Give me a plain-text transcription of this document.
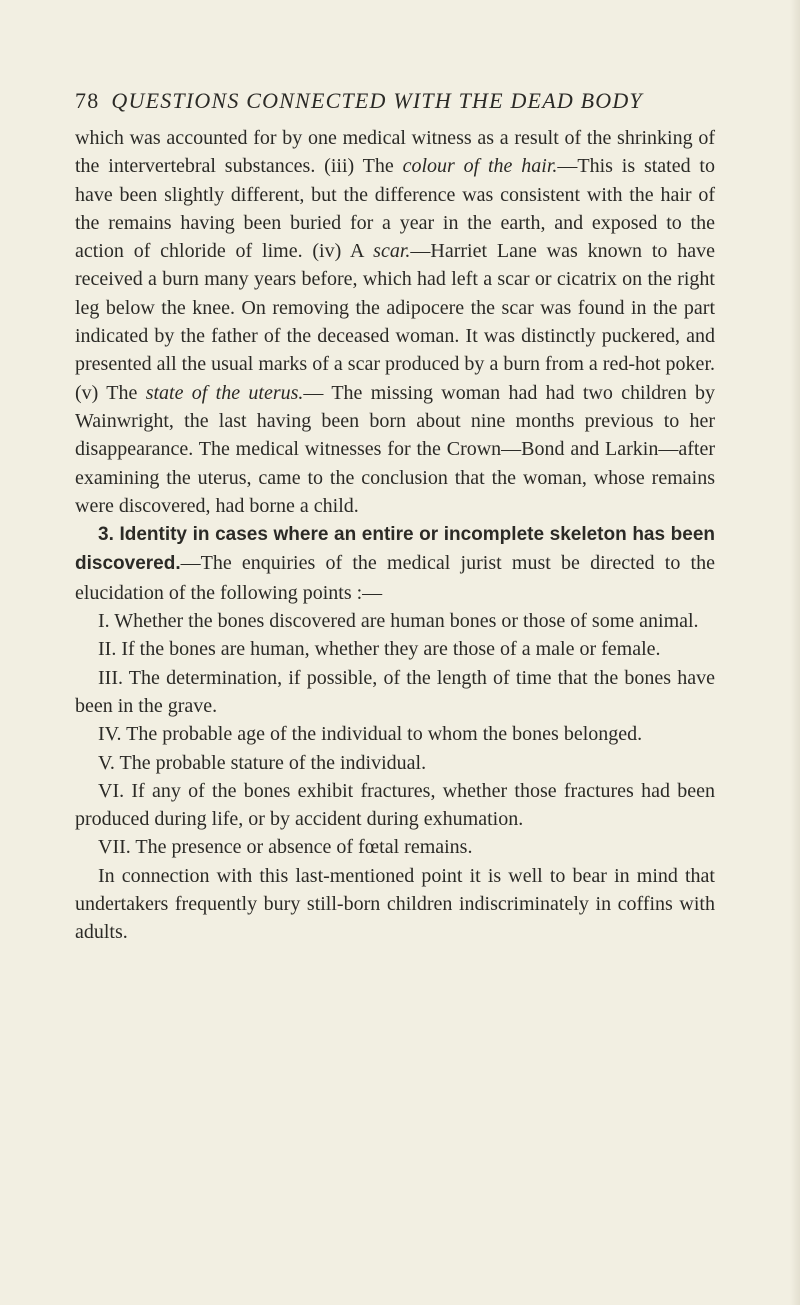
78 QUESTIONS CONNECTED WITH THE DEAD BODY

which was accounted for by one medical witness as a result of the shrinking of the intervertebral substances. (iii) The colour of the hair.—This is stated to have been slightly different, but the difference was consistent with the hair of the remains having been buried for a year in the earth, and exposed to the action of chloride of lime. (iv) A scar.—Harriet Lane was known to have received a burn many years before, which had left a scar or cicatrix on the right leg below the knee. On removing the adipocere the scar was found in the part indicated by the father of the deceased woman. It was distinctly puckered, and presented all the usual marks of a scar produced by a burn from a red-hot poker. (v) The state of the uterus.— The missing woman had had two children by Wainwright, the last having been born about nine months previous to her disappearance. The medical witnesses for the Crown—Bond and Larkin—after examining the uterus, came to the conclusion that the woman, whose remains were discovered, had borne a child.

3. Identity in cases where an entire or incomplete skeleton has been discovered.—The enquiries of the medical jurist must be directed to the elucidation of the following points :—

I. Whether the bones discovered are human bones or those of some animal.

II. If the bones are human, whether they are those of a male or female.

III. The determination, if possible, of the length of time that the bones have been in the grave.

IV. The probable age of the individual to whom the bones belonged.

V. The probable stature of the individual.

VI. If any of the bones exhibit fractures, whether those fractures had been produced during life, or by accident during exhumation.

VII. The presence or absence of fœtal remains.

In connection with this last-mentioned point it is well to bear in mind that undertakers frequently bury still-born children indiscriminately in coffins with adults.
